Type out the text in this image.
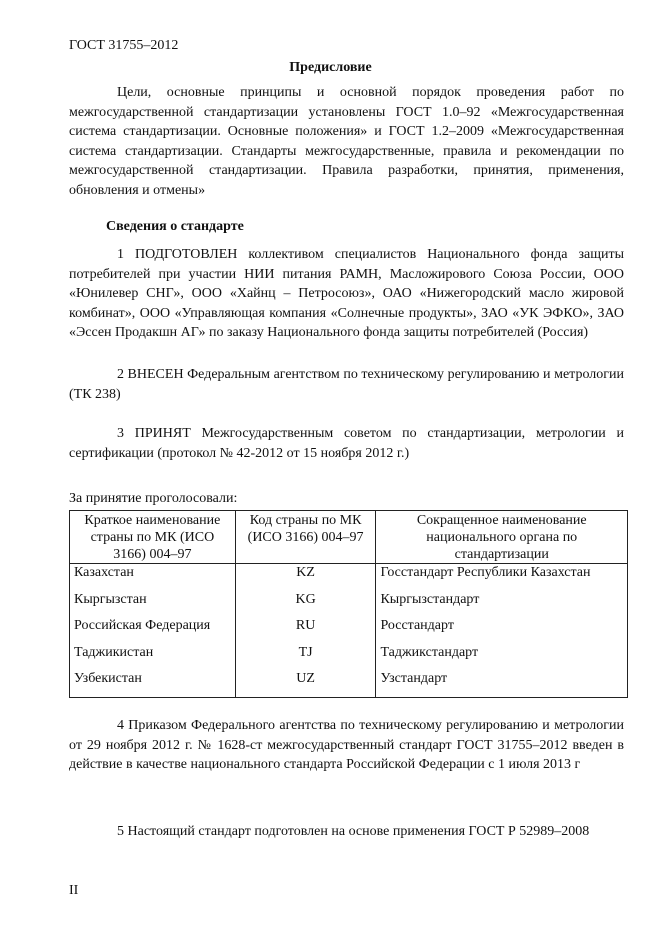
ГОСТ 31755–2012
Предисловие

Цели, основные принципы и основной порядок проведения работ по межгосударственной стандартизации установлены ГОСТ 1.0–92 «Межгосударственная система стандартизации. Основные положения» и ГОСТ 1.2–2009 «Межгосударственная система стандартизации. Стандарты межгосударственные, правила и рекомендации по межгосударственной стандартизации. Правила разработки, принятия, применения, обновления и отмены»

Сведения о стандарте

1 ПОДГОТОВЛЕН коллективом специалистов Национального фонда защиты потребителей при участии НИИ питания РАМН, Масложирового Союза России, ООО «Юнилевер СНГ», ООО «Хайнц – Петросоюз», ОАО «Нижегородский масло жировой комбинат», ООО «Управляющая компания «Солнечные продукты», ЗАО «УК ЭФКО», ЗАО «Эссен Продакшн АГ» по заказу Национального фонда защиты потребителей (Россия)

2 ВНЕСЕН Федеральным агентством по техническому регулированию и метрологии (ТК 238)

3 ПРИНЯТ Межгосударственным советом по стандартизации, метрологии и сертификации (протокол № 42-2012 от 15 ноября 2012 г.)

За принятие проголосовали:
Краткое наименование страны по МК (ИСО 3166) 004–97	Код страны по МК (ИСО 3166) 004–97	Сокращенное наименование национального органа по стандартизации
Казахстан	KZ	Госстандарт Республики Казахстан
Кыргызстан	KG	Кыргызстандарт
Российская Федерация	RU	Росстандарт
Таджикистан	TJ	Таджикстандарт
Узбекистан	UZ	Узстандарт

4 Приказом Федерального агентства по техническому регулированию и метрологии от 29 ноября 2012 г. № 1628-ст межгосударственный стандарт ГОСТ 31755–2012 введен в действие в качестве национального стандарта Российской Федерации с 1 июля 2013 г

5 Настоящий стандарт подготовлен на основе применения ГОСТ Р 52989–2008

II
